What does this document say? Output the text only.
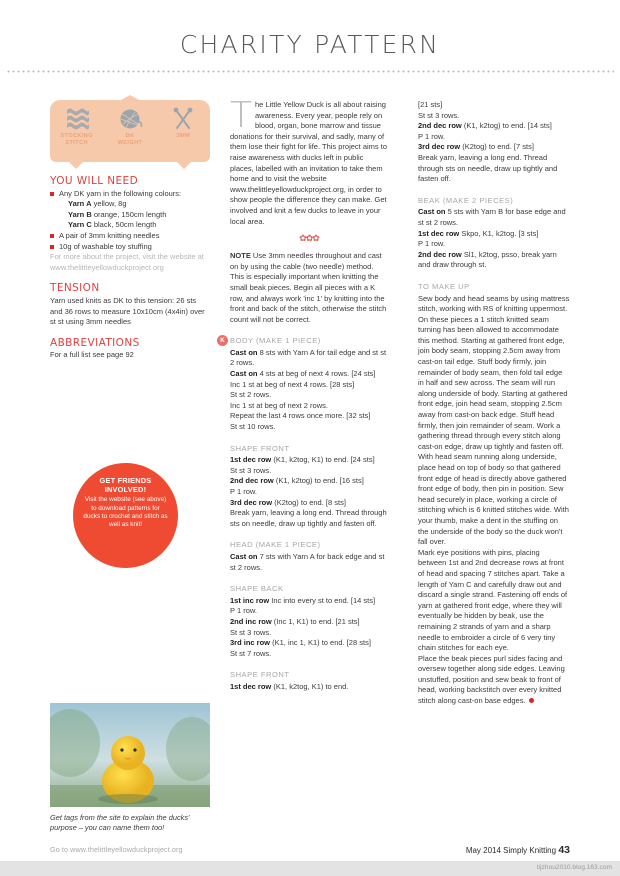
CHARITY PATTERN
STOCKING
STITCH
DK
WEIGHT
3MM
YOU WILL NEED
Any DK yarn in the following colours:
Yarn A yellow, 8g
Yarn B orange, 150cm length
Yarn C black, 50cm length
A pair of 3mm knitting needles
10g of washable toy stuffing
For more about the project, visit the website at www.thelittleyellowduckproject.org
TENSION
Yarn used knits as DK to this tension: 26 sts and 36 rows to measure 10x10cm (4x4in) over st st using 3mm needles
ABBREVIATIONS
For a full list see page 92
GET FRIENDS INVOLVED!
Visit the website (see above) to download patterns for ducks to crochet and stitch as well as knit!
Get tags from the site to explain the ducks' purpose – you can name them too!
The Little Yellow Duck is all about raising awareness. Every year, people rely on blood, organ, bone marrow and tissue donations for their survival, and sadly, many of them lose their fight for life. This project aims to raise awareness with ducks left in public places, labelled with an invitation to take them home and to visit the website www.thelittleyellowduckproject.org, in order to show people the difference they can make. Get involved and knit a few ducks to leave in your local area.
✿✿✿
NOTE Use 3mm needles throughout and cast on by using the cable (two needle) method. This is especially important when knitting the small beak pieces. Begin all pieces with a K row, and always work 'inc 1' by knitting into the front and back of the stitch, otherwise the stitch count will not be correct.
K BODY (MAKE 1 PIECE)
Cast on 8 sts with Yarn A for tail edge and st st 2 rows.
Cast on 4 sts at beg of next 4 rows. [24 sts]
Inc 1 st at beg of next 4 rows. [28 sts]
St st 2 rows.
Inc 1 st at beg of next 2 rows.
Repeat the last 4 rows once more. [32 sts]
St st 10 rows.
SHAPE FRONT
1st dec row (K1, k2tog, K1) to end. [24 sts]
St st 3 rows.
2nd dec row (K1, k2tog) to end. [16 sts]
P 1 row.
3rd dec row (K2tog) to end. [8 sts]
Break yarn, leaving a long end. Thread through sts on needle, draw up tightly and fasten off.
HEAD (MAKE 1 PIECE)
Cast on 7 sts with Yarn A for back edge and st st 2 rows.
SHAPE BACK
1st inc row Inc into every st to end. [14 sts]
P 1 row.
2nd inc row (Inc 1, K1) to end. [21 sts]
St st 3 rows.
3rd inc row (K1, inc 1, K1) to end. [28 sts]
St st 7 rows.
SHAPE FRONT
1st dec row (K1, k2tog, K1) to end.
[21 sts]
St st 3 rows.
2nd dec row (K1, k2tog) to end. [14 sts]
P 1 row.
3rd dec row (K2tog) to end. [7 sts]
Break yarn, leaving a long end. Thread through sts on needle, draw up tightly and fasten off.
BEAK (MAKE 2 PIECES)
Cast on 5 sts with Yarn B for base edge and st st 2 rows.
1st dec row Skpo, K1, k2tog. [3 sts]
P 1 row.
2nd dec row Sl1, k2tog, psso, break yarn and draw through st.
TO MAKE UP
Sew body and head seams by using mattress stitch, working with RS of knitting uppermost. On these pieces a 1 stitch knitted seam turning has been allowed to accommodate this method. Starting at gathered front edge, join body seam, stopping 2.5cm away from cast-on tail edge. Stuff body firmly, join remainder of body seam, then fold tail edge in half and sew across. The seam will run along underside of body. Starting at gathered front edge, join head seam, stopping 2.5cm away from cast-on back edge. Stuff head firmly, then join remainder of seam. Work a gathering thread through every stitch along cast-on edge, draw up tightly and fasten off.
With head seam running along underside, place head on top of body so that gathered front edge of head is directly above gathered front edge of body, then pin in position. Sew head securely in place, working a circle of stitching which is 6 knitted stitches wide. With your thumb, make a dent in the stuffing on the underside of the body so the duck won't fall over.
Mark eye positions with pins, placing between 1st and 2nd decrease rows at front of head and spacing 7 stitches apart. Take a length of Yarn C and carefully draw out and discard a single strand. Fastening off ends of yarn at gathered front edge, where they will eventually be hidden by beak, use the remaining 2 strands of yarn and a sharp needle to embroider a circle of 6 very tiny chain stitches for each eye.
Place the beak pieces purl sides facing and oversew together along side edges. Leaving unstuffed, position and sew beak to front of head, working backstitch over every knitted stitch along cast-on base edges.
Go to www.thelittleyellowduckproject.org	May 2014 Simply Knitting 43
tijzhou2010.blog.163.com
